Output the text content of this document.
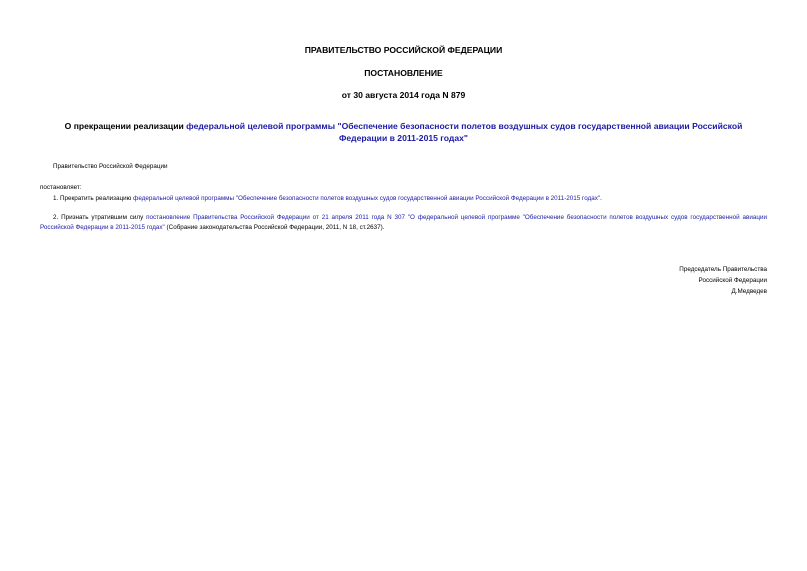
ПРАВИТЕЛЬСТВО РОССИЙСКОЙ ФЕДЕРАЦИИ
ПОСТАНОВЛЕНИЕ
от 30 августа 2014 года N 879
О прекращении реализации федеральной целевой программы "Обеспечение безопасности полетов воздушных судов государственной авиации Российской Федерации в 2011-2015 годах"
Правительство Российской Федерации
постановляет:
1. Прекратить реализацию федеральной целевой программы "Обеспечение безопасности полетов воздушных судов государственной авиации Российской Федерации в 2011-2015 годах".
2. Признать утратившим силу постановление Правительства Российской Федерации от 21 апреля 2011 года N 307 "О федеральной целевой программе "Обеспечение безопасности полетов воздушных судов государственной авиации Российской Федерации в 2011-2015 годах" (Собрание законодательства Российской Федерации, 2011, N 18, ст.2637).
Председатель Правительства
Российской Федерации
Д.Медведев
